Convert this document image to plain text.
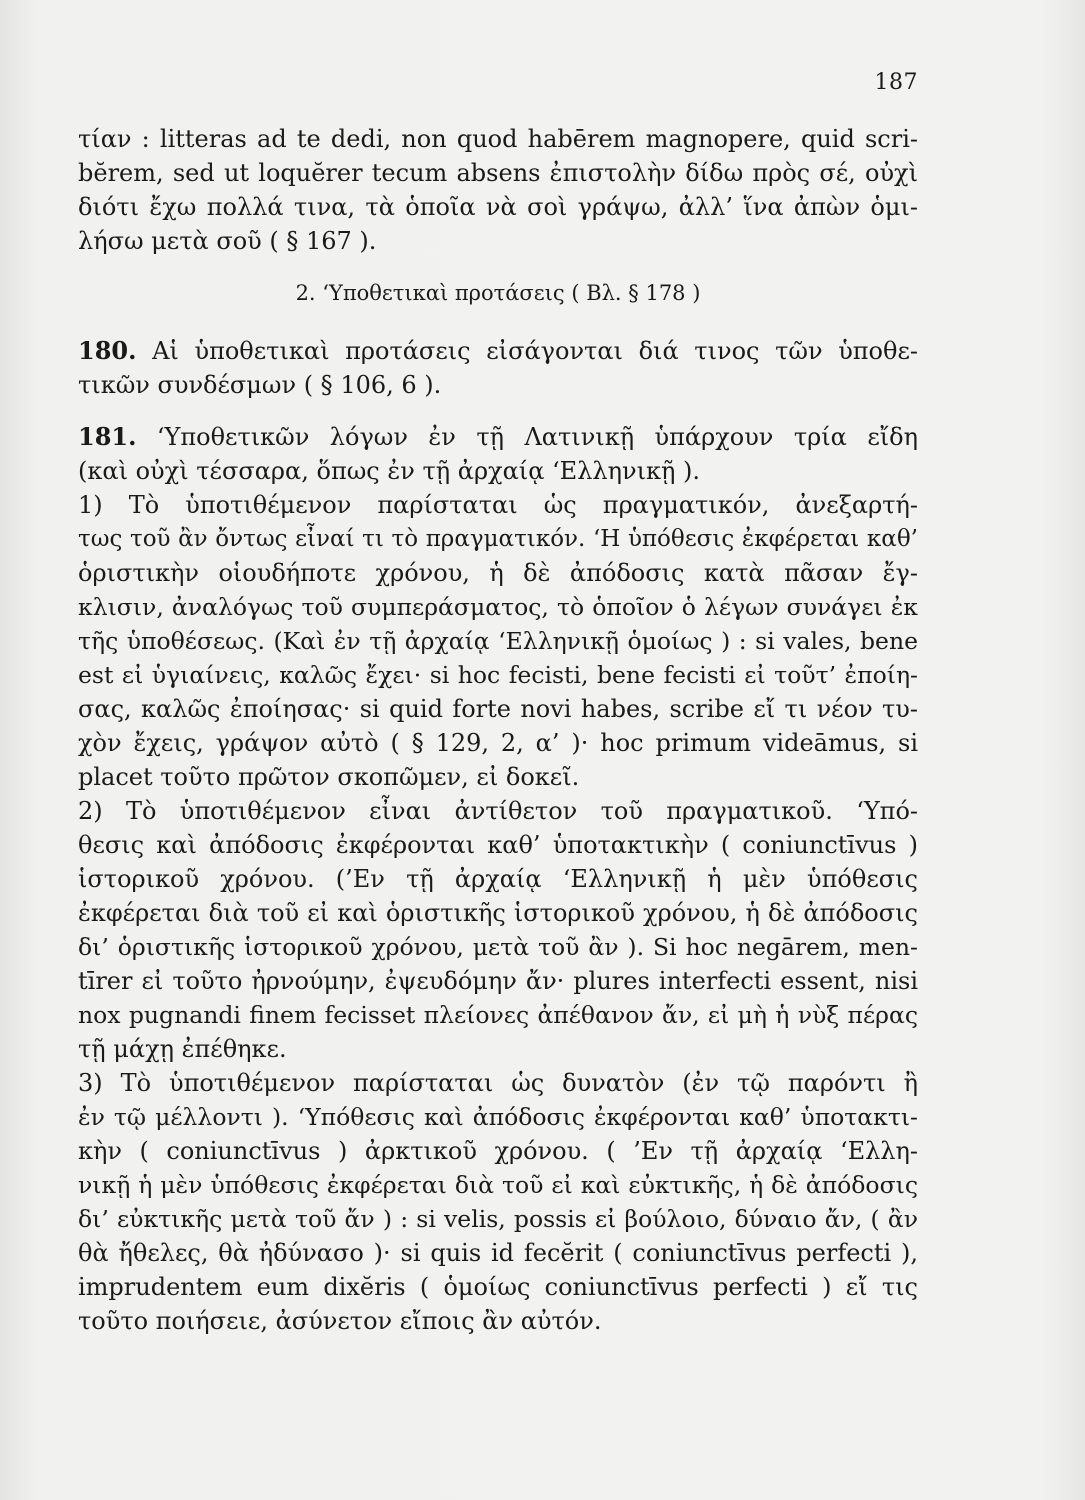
187
τίαν : litteras ad te dedi, non quod habērem magnopere, quid scri-
bĕrem, sed ut loquĕrer tecum absens ἐπιστολὴν δίδω πρὸς σέ, οὐχὶ
διότι ἔχω πολλά τινα, τὰ ὁποῖα νὰ σοὶ γράψω, ἀλλ’ ἵνα ἀπὼν ὁμι-
λήσω μετὰ σοῦ ( § 167 ).
2. ‘Υποθετικαὶ προτάσεις ( Βλ. § 178 )
180. Αἱ ὑποθετικαὶ προτάσεις εἰσάγονται διά τινος τῶν ὑποθε-
τικῶν συνδέσμων ( § 106, 6 ).
181. ‘Υποθετικῶν λόγων ἐν τῇ Λατινικῇ ὑπάρχουν τρία εἴδη
(καὶ οὐχὶ τέσσαρα, ὅπως ἐν τῇ ἀρχαίᾳ ‘Ελληνικῇ ).
1) Τὸ ὑποτιθέμενον παρίσταται ὡς πραγματικόν, ἀνεξαρτή-
τως τοῦ ἂν ὄντως εἶναί τι τὸ πραγματικόν. ‘Η ὑπόθεσις ἐκφέρεται καθ’
ὁριστικὴν οἱουδήποτε χρόνου, ἡ δὲ ἀπόδοσις κατὰ πᾶσαν ἔγ-
κλισιν, ἀναλόγως τοῦ συμπεράσματος, τὸ ὁποῖον ὁ λέγων συνάγει ἐκ
τῆς ὑποθέσεως. (Καὶ ἐν τῇ ἀρχαίᾳ ‘Ελληνικῇ ὁμοίως ) : si vales, bene
est εἰ ὑγιαίνεις, καλῶς ἔχει· si hoc fecisti, bene fecisti εἰ τοῦτ’ ἐποίη-
σας, καλῶς ἐποίησας· si quid forte novi habes, scribe εἴ τι νέον τυ-
χὸν ἔχεις, γράψον αὐτὸ ( § 129, 2, α’ )· hoc primum videāmus, si
placet τοῦτο πρῶτον σκοπῶμεν, εἰ δοκεῖ.
2) Τὸ ὑποτιθέμενον εἶναι ἀντίθετον τοῦ πραγματικοῦ. ‘Υπό-
θεσις καὶ ἀπόδοσις ἐκφέρονται καθ’ ὑποτακτικὴν ( coniunctīvus )
ἱστορικοῦ χρόνου. (’Εν τῇ ἀρχαίᾳ ‘Ελληνικῇ ἡ μὲν ὑπόθεσις
ἐκφέρεται διὰ τοῦ εἰ καὶ ὁριστικῆς ἱστορικοῦ χρόνου, ἡ δὲ ἀπόδοσις
δι’ ὁριστικῆς ἱστορικοῦ χρόνου, μετὰ τοῦ ἂν ). Si hoc negārem, men-
tīrer εἰ τοῦτο ἠρνούμην, ἐψευδόμην ἄν· plures interfecti essent, nisi
nox pugnandi finem fecisset πλείονες ἀπέθανον ἄν, εἰ μὴ ἡ νὺξ πέρας
τῇ μάχῃ ἐπέθηκε.
3) Τὸ ὑποτιθέμενον παρίσταται ὡς δυνατὸν (ἐν τῷ παρόντι ἢ
ἐν τῷ μέλλοντι ). ‘Υπόθεσις καὶ ἀπόδοσις ἐκφέρονται καθ’ ὑποτακτι-
κὴν ( coniunctīvus ) ἀρκτικοῦ χρόνου. ( ’Εν τῇ ἀρχαίᾳ ‘Ελλη-
νικῇ ἡ μὲν ὑπόθεσις ἐκφέρεται διὰ τοῦ εἰ καὶ εὐκτικῆς, ἡ δὲ ἀπόδοσις
δι’ εὐκτικῆς μετὰ τοῦ ἄν ) : si velis, possis εἰ βούλοιο, δύναιο ἄν, ( ἂν
θὰ ἤθελες, θὰ ἠδύνασο )· si quis id fecĕrit ( coniunctīvus perfecti ),
imprudentem eum dixĕris ( ὁμοίως coniunctīvus perfecti ) εἴ τις
τοῦτο ποιήσειε, ἀσύνετον εἴποις ἂν αὐτόν.
